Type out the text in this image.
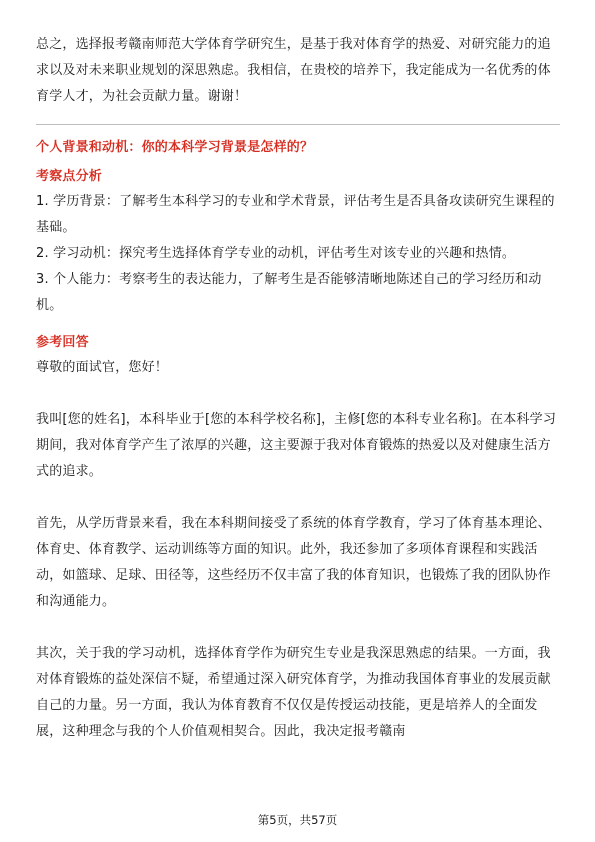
总之，选择报考赣南师范大学体育学研究生，是基于我对体育学的热爱、对研究能力的追求以及对未来职业规划的深思熟虑。我相信，在贵校的培养下，我定能成为一名优秀的体育学人才，为社会贡献力量。谢谢！

个人背景和动机：你的本科学习背景是怎样的？

考察点分析

1. 学历背景：了解考生本科学习的专业和学术背景，评估考生是否具备攻读研究生课程的基础。

2. 学习动机：探究考生选择体育学专业的动机，评估考生对该专业的兴趣和热情。

3. 个人能力：考察考生的表达能力，了解考生是否能够清晰地陈述自己的学习经历和动机。

参考回答

尊敬的面试官，您好！

我叫[您的姓名]，本科毕业于[您的本科学校名称]，主修[您的本科专业名称]。在本科学习期间，我对体育学产生了浓厚的兴趣，这主要源于我对体育锻炼的热爱以及对健康生活方式的追求。

首先，从学历背景来看，我在本科期间接受了系统的体育学教育，学习了体育基本理论、体育史、体育教学、运动训练等方面的知识。此外，我还参加了多项体育课程和实践活动，如篮球、足球、田径等，这些经历不仅丰富了我的体育知识，也锻炼了我的团队协作和沟通能力。

其次，关于我的学习动机，选择体育学作为研究生专业是我深思熟虑的结果。一方面，我对体育锻炼的益处深信不疑，希望通过深入研究体育学，为推动我国体育事业的发展贡献自己的力量。另一方面，我认为体育教育不仅仅是传授运动技能，更是培养人的全面发展，这种理念与我的个人价值观相契合。因此，我决定报考赣南

第5页，共57页
